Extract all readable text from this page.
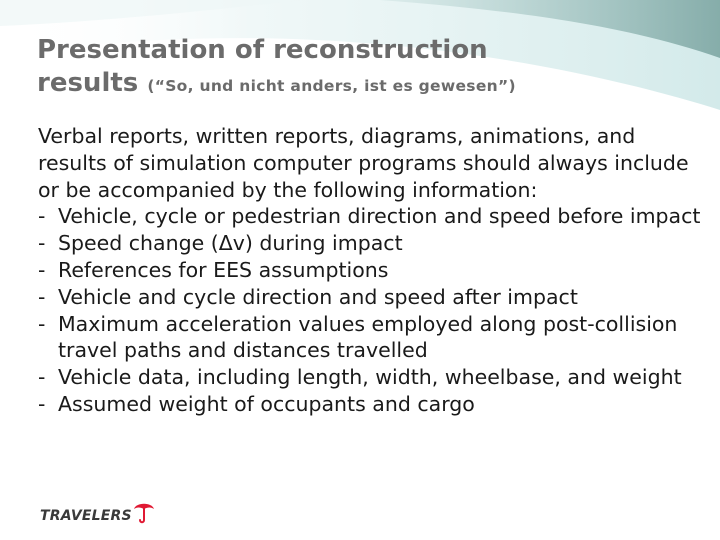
Presentation of reconstruction
results (“So, und nicht anders, ist es gewesen”)

Verbal reports, written reports, diagrams, animations, and results of simulation computer programs should always include or be accompanied by the following information:

- Vehicle, cycle or pedestrian direction and speed before impact
- Speed change (Δv) during impact
- References for EES assumptions
- Vehicle and cycle direction and speed after impact
- Maximum acceleration values employed along post-collision travel paths and distances travelled
- Vehicle data, including length, width, wheelbase, and weight
- Assumed weight of occupants and cargo
TRAVELERS
